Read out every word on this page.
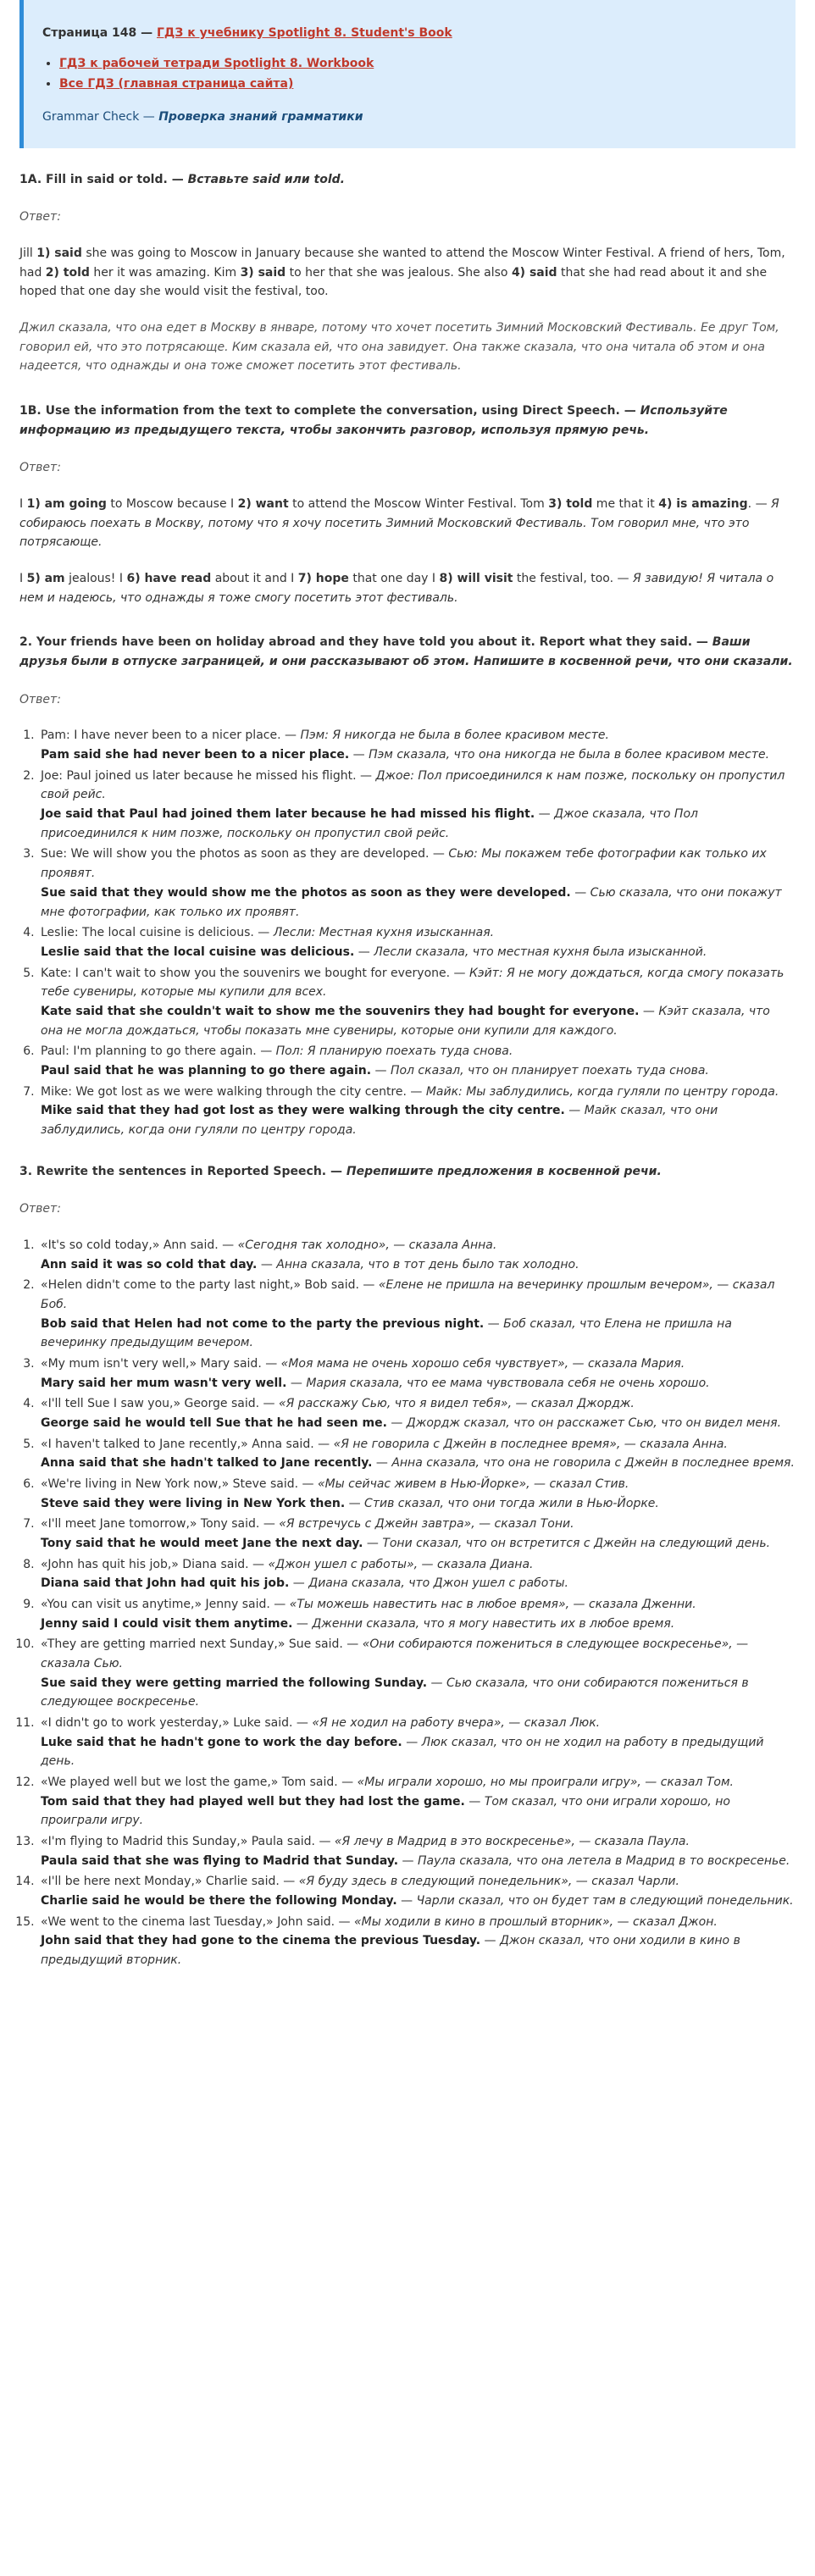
Страница 148 — ГДЗ к учебнику Spotlight 8. Student's Book

• ГДЗ к рабочей тетради Spotlight 8. Workbook
• Все ГДЗ (главная страница сайта)

Grammar Check — Проверка знаний грамматики

1A. Fill in said or told. — Вставьте said или told.

Ответ:

Jill 1) said she was going to Moscow in January because she wanted to attend the Moscow Winter Festival. A friend of hers, Tom, had 2) told her it was amazing. Kim 3) said to her that she was jealous. She also 4) said that she had read about it and she hoped that one day she would visit the festival, too.

Джил сказала, что она едет в Москву в январе, потому что хочет посетить Зимний Московский Фестиваль. Ее друг Том, говорил ей, что это потрясающе. Ким сказала ей, что она завидует. Она также сказала, что она читала об этом и она надеется, что однажды и она тоже сможет посетить этот фестиваль.

1B. Use the information from the text to complete the conversation, using Direct Speech. — Используйте информацию из предыдущего текста, чтобы закончить разговор, используя прямую речь.

Ответ:

I 1) am going to Moscow because I 2) want to attend the Moscow Winter Festival. Tom 3) told me that it 4) is amazing. — Я собираюсь поехать в Москву, потому что я хочу посетить Зимний Московский Фестиваль. Том говорил мне, что это потрясающе.

I 5) am jealous! I 6) have read about it and I 7) hope that one day I 8) will visit the festival, too. — Я завидую! Я читала о нем и надеюсь, что однажды я тоже смогу посетить этот фестиваль.

2. Your friends have been on holiday abroad and they have told you about it. Report what they said. — Ваши друзья были в отпуске заграницей, и они рассказывают об этом. Напишите в косвенной речи, что они сказали.

Ответ:

1. Pam: I have never been to a nicer place. — Пэм: Я никогда не была в более красивом месте.
Pam said she had never been to a nicer place. — Пэм сказала, что она никогда не была в более красивом месте.
2. Joe: Paul joined us later because he missed his flight. — Джое: Пол присоединился к нам позже, поскольку он пропустил свой рейс.
Joe said that Paul had joined them later because he had missed his flight. — Джое сказала, что Пол присоединился к ним позже, поскольку он пропустил свой рейс.
3. Sue: We will show you the photos as soon as they are developed. — Сью: Мы покажем тебе фотографии как только их проявят.
Sue said that they would show me the photos as soon as they were developed. — Сью сказала, что они покажут мне фотографии, как только их проявят.
4. Leslie: The local cuisine is delicious. — Лесли: Местная кухня изысканная.
Leslie said that the local cuisine was delicious. — Лесли сказала, что местная кухня была изысканной.
5. Kate: I can't wait to show you the souvenirs we bought for everyone. — Кэйт: Я не могу дождаться, когда смогу показать тебе сувениры, которые мы купили для всех.
Kate said that she couldn't wait to show me the souvenirs they had bought for everyone. — Кэйт сказала, что она не могла дождаться, чтобы показать мне сувениры, которые они купили для каждого.
6. Paul: I'm planning to go there again. — Пол: Я планирую поехать туда снова.
Paul said that he was planning to go there again. — Пол сказал, что он планирует поехать туда снова.
7. Mike: We got lost as we were walking through the city centre. — Майк: Мы заблудились, когда гуляли по центру города.
Mike said that they had got lost as they were walking through the city centre. — Майк сказал, что они заблудились, когда они гуляли по центру города.
3. Rewrite the sentences in Reported Speech. — Перепишите предложения в косвенной речи.

Ответ:

1. «It's so cold today,» Ann said. — «Сегодня так холодно», — сказала Анна.
Ann said it was so cold that day. — Анна сказала, что в тот день было так холодно.
2. «Helen didn't come to the party last night,» Bob said. — «Елене не пришла на вечеринку прошлым вечером», — сказал Боб.
Bob said that Helen had not come to the party the previous night. — Боб сказал, что Елена не пришла на вечеринку предыдущим вечером.
3. «My mum isn't very well,» Mary said. — «Моя мама не очень хорошо себя чувствует», — сказала Мария.
Mary said her mum wasn't very well. — Мария сказала, что ее мама чувствовала себя не очень хорошо.
4. «I'll tell Sue I saw you,» George said. — «Я расскажу Сью, что я видел тебя», — сказал Джордж.
George said he would tell Sue that he had seen me. — Джордж сказал, что он расскажет Сью, что он видел меня.
5. «I haven't talked to Jane recently,» Anna said. — «Я не говорила с Джейн в последнее время», — сказала Анна.
Anna said that she hadn't talked to Jane recently. — Анна сказала, что она не говорила с Джейн в последнее время.
6. «We're living in New York now,» Steve said. — «Мы сейчас живем в Нью-Йорке», — сказал Стив.
Steve said they were living in New York then. — Стив сказал, что они тогда жили в Нью-Йорке.
7. «I'll meet Jane tomorrow,» Tony said. — «Я встречусь с Джейн завтра», — сказал Тони.
Tony said that he would meet Jane the next day. — Тони сказал, что он встретится с Джейн на следующий день.
8. «John has quit his job,» Diana said. — «Джон ушел с работы», — сказала Диана.
Diana said that John had quit his job. — Диана сказала, что Джон ушел с работы.
9. «You can visit us anytime,» Jenny said. — «Ты можешь навестить нас в любое время», — сказала Дженни.
Jenny said I could visit them anytime. — Дженни сказала, что я могу навестить их в любое время.
10. «They are getting married next Sunday,» Sue said. — «Они собираются пожениться в следующее воскресенье», — сказала Сью.
Sue said they were getting married the following Sunday. — Сью сказала, что они собираются пожениться в следующее воскресенье.
11. «I didn't go to work yesterday,» Luke said. — «Я не ходил на работу вчера», — сказал Люк.
Luke said that he hadn't gone to work the day before. — Люк сказал, что он не ходил на работу в предыдущий день.
12. «We played well but we lost the game,» Tom said. — «Мы играли хорошо, но мы проиграли игру», — сказал Том.
Tom said that they had played well but they had lost the game. — Том сказал, что они играли хорошо, но проиграли игру.
13. «I'm flying to Madrid this Sunday,» Paula said. — «Я лечу в Мадрид в это воскресенье», — сказала Паула.
Paula said that she was flying to Madrid that Sunday. — Паула сказала, что она летела в Мадрид в то воскресенье.
14. «I'll be here next Monday,» Charlie said. — «Я буду здесь в следующий понедельник», — сказал Чарли.
Charlie said he would be there the following Monday. — Чарли сказал, что он будет там в следующий понедельник.
15. «We went to the cinema last Tuesday,» John said. — «Мы ходили в кино в прошлый вторник», — сказал Джон.
John said that they had gone to the cinema the previous Tuesday. — Джон сказал, что они ходили в кино в предыдущий вторник.
